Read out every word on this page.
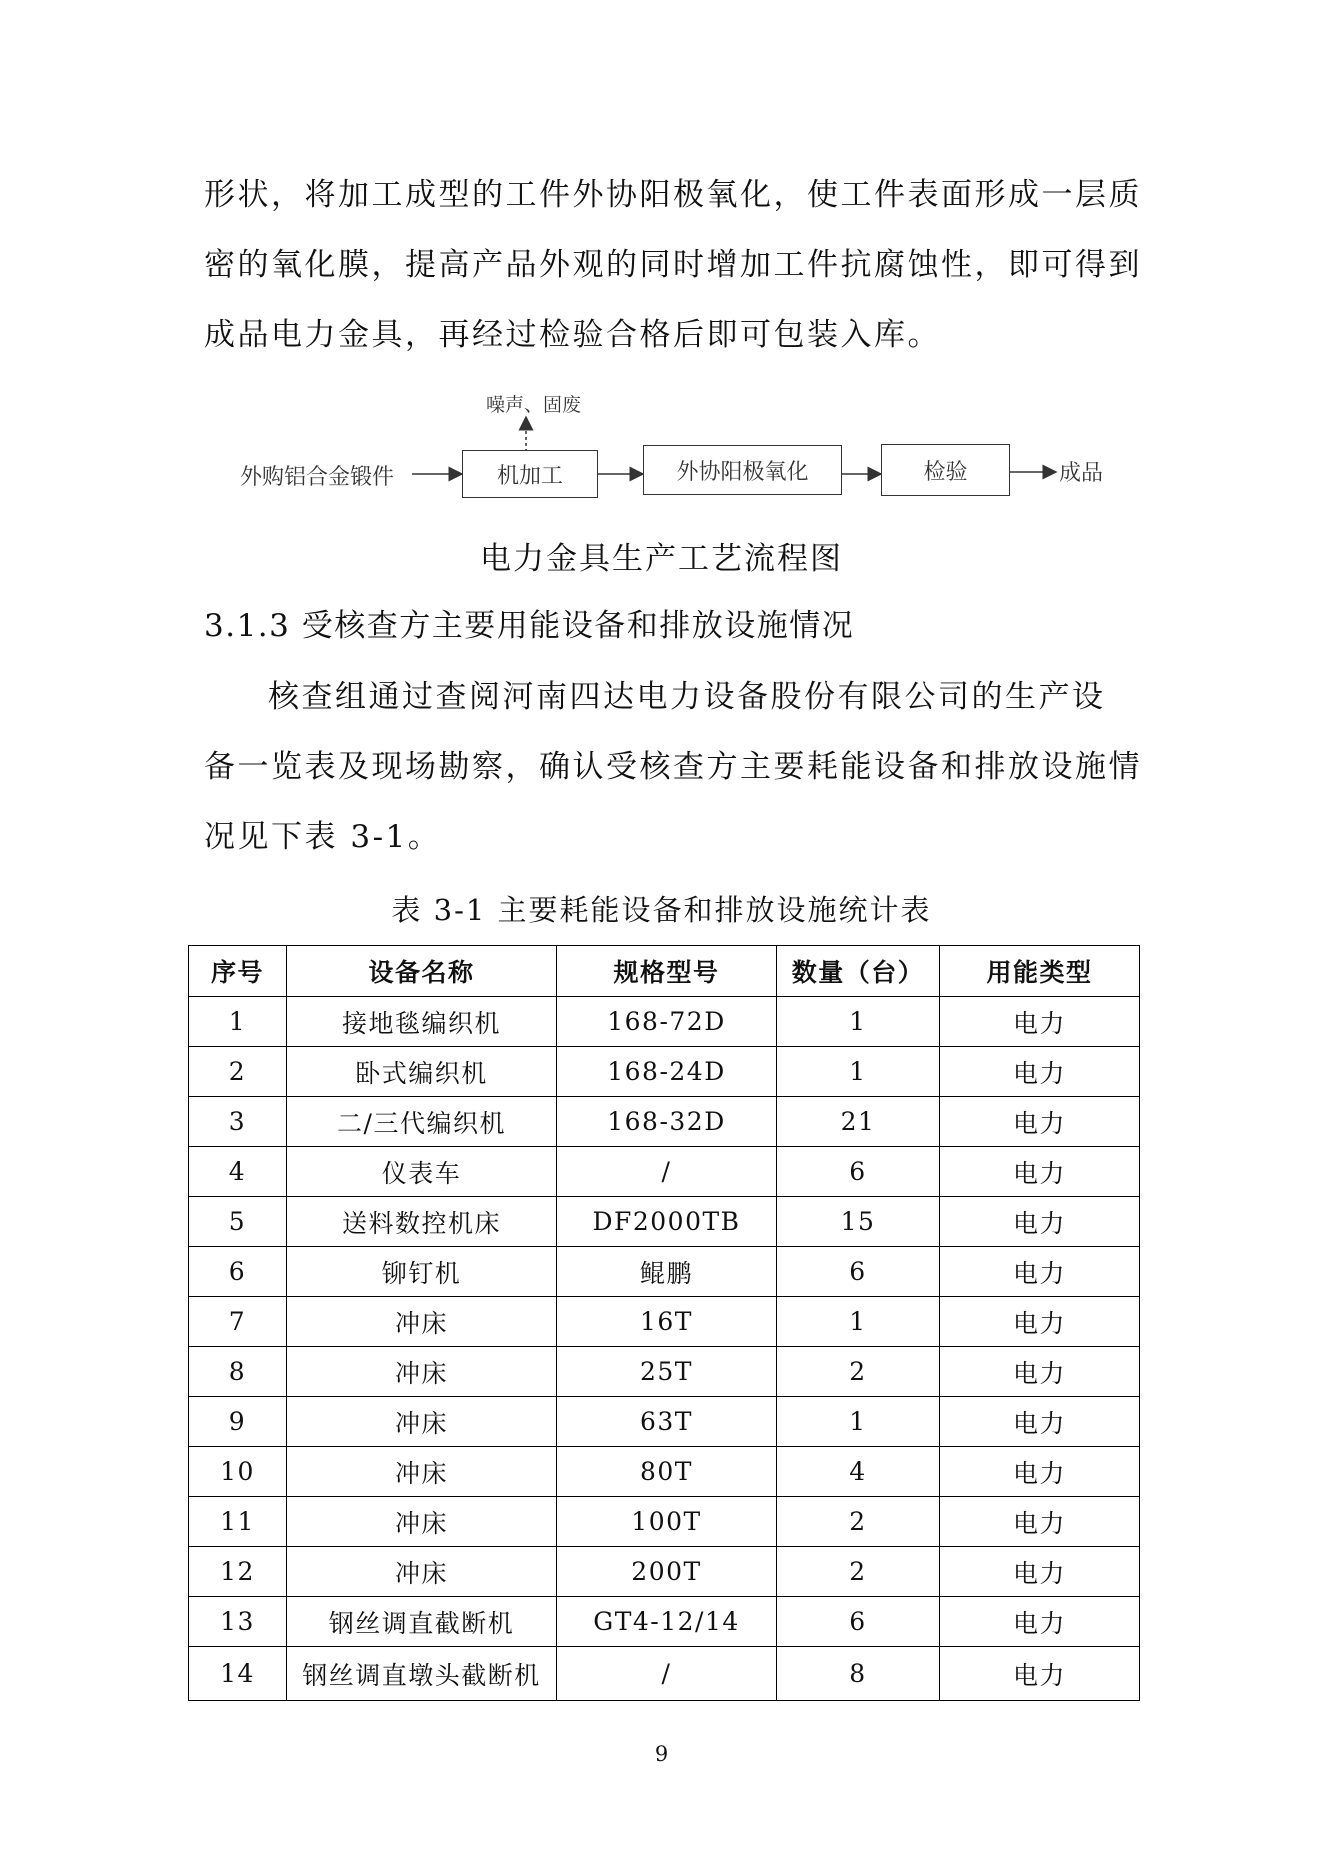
形状，将加工成型的工件外协阳极氧化，使工件表面形成一层质
密的氧化膜，提高产品外观的同时增加工件抗腐蚀性，即可得到
成品电力金具，再经过检验合格后即可包装入库。
外购铝合金锻件	机加工	外协阳极氧化	检验	成品
噪声、固废
电力金具生产工艺流程图
3.1.3 受核查方主要用能设备和排放设施情况
核查组通过查阅河南四达电力设备股份有限公司的生产设
备一览表及现场勘察，确认受核查方主要耗能设备和排放设施情
况见下表 3-1。
表 3-1 主要耗能设备和排放设施统计表
序号	设备名称	规格型号	数量（台）	用能类型
1	接地毯编织机	168-72D	1	电力
2	卧式编织机	168-24D	1	电力
3	二/三代编织机	168-32D	21	电力
4	仪表车	/	6	电力
5	送料数控机床	DF2000TB	15	电力
6	铆钉机	鲲鹏	6	电力
7	冲床	16T	1	电力
8	冲床	25T	2	电力
9	冲床	63T	1	电力
10	冲床	80T	4	电力
11	冲床	100T	2	电力
12	冲床	200T	2	电力
13	钢丝调直截断机	GT4-12/14	6	电力
14	钢丝调直墩头截断机	/	8	电力
9
